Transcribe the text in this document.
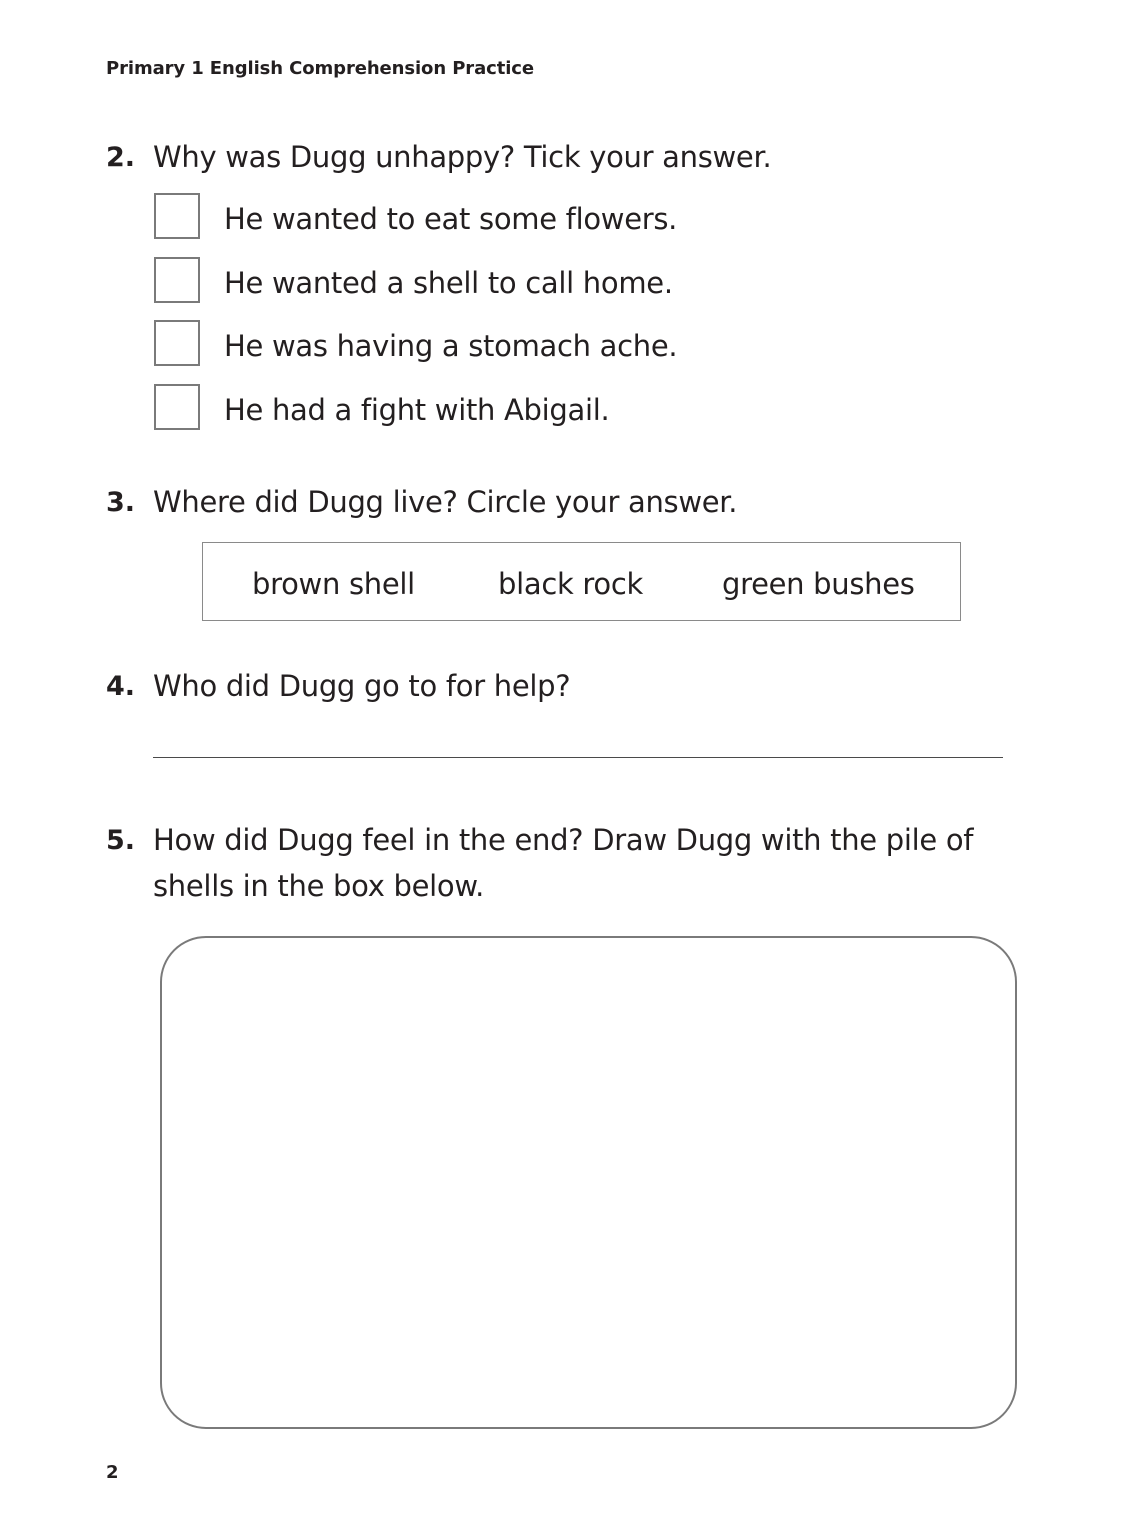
Primary 1 English Comprehension Practice
2. Why was Dugg unhappy? Tick your answer.
He wanted to eat some flowers.
He wanted a shell to call home.
He was having a stomach ache.
He had a fight with Abigail.
3. Where did Dugg live? Circle your answer.
brown shell	black rock	green bushes
4. Who did Dugg go to for help?
5. How did Dugg feel in the end? Draw Dugg with the pile of
shells in the box below.
2
